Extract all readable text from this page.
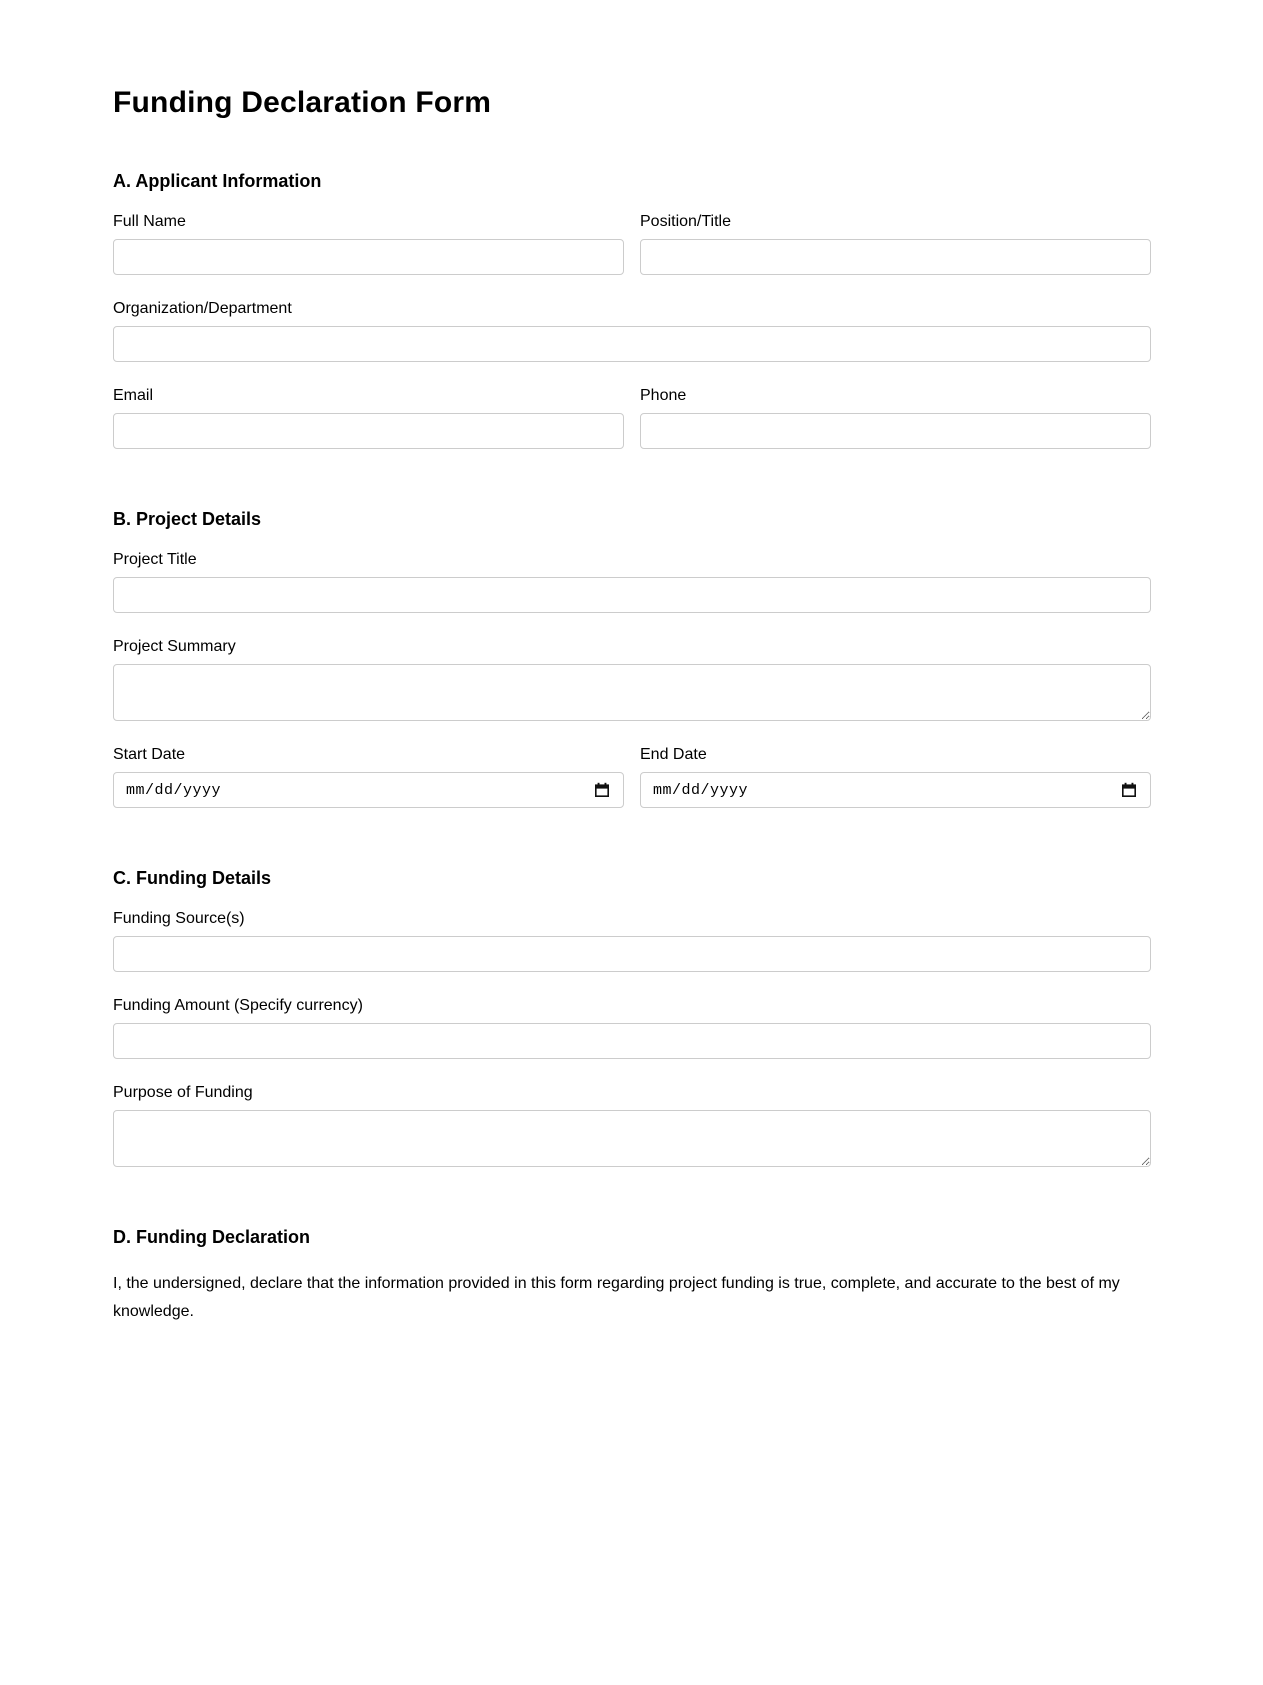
Funding Declaration Form
A. Applicant Information
Full Name	Position/Title
Organization/Department
Email	Phone
B. Project Details
Project Title
Project Summary
Start Date
mm/dd/yyyy
End Date
mm/dd/yyyy
C. Funding Details
Funding Source(s)
Funding Amount (Specify currency)
Purpose of Funding
D. Funding Declaration

I, the undersigned, declare that the information provided in this form regarding project funding is true, complete, and accurate to the best of my knowledge.
